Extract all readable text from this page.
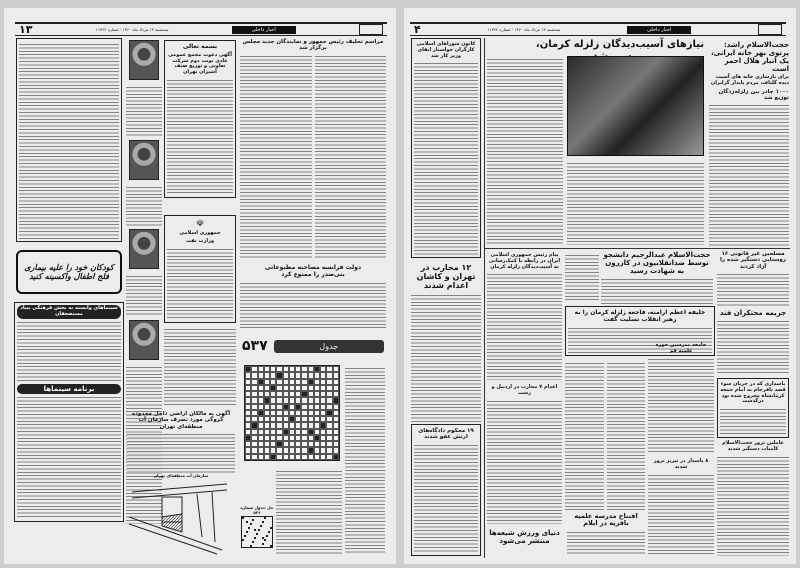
۱۳	سه‌شنبه ۱۳ مرداد ماه ۱۳۶۰ - شماره ۱۱۳۶۲	اخبار داخلی
کودکان خود را علیه بیماری فلج اطفال واکسینه کنید
سینماهای وابسته به بخش فرهنگی بنیاد مستضعفان
برنامه سینماها
بسمه تعالی
آگهی دعوت مجمع عمومی عادی نوبت دوم شرکت تعاونی و توزیع صنف آشپزان تهران
☫
جمهوری اسلامی
وزارت نفت
آگهی به مالکان اراضی داخل محدوده گروگی مورد تصرف سازمان آب منطقه‌ای تهران
سازمان آب منطقه‌ای تهران
مراسم تحلیف رئیس جمهور و نمایندگان جدید مجلس برگزار شد
دولت فرانسه مصاحبه مطبوعاتی بنی‌صدر را ممنوع کرد
۵۳۷	جدول
حل جدول شماره ۵۳۶
۴	سه‌شنبه ۱۳ مرداد ماه ۱۳۶۰ - شماره ۱۱۳۶۲	اخبار داخلی
کانون شوراهای اسلامی کارگران خواستار ابقای وزیر کار شد
۱۲ محارب در تهران و کاشان اعدام شدند
۱۹ محکوم دادگاه‌های ارتش عفو شدند
نیازهای آسیب‌دیدگان زلزله کرمان،	حجت‌الاسلام راشد: پرتوی بهر خانه ایرانی، یک انبار هلال احمر است
برای بازسازی خانه های آسیب دیده گلباف، مردم پایدار گرایران
۱۰۰۰ چادر بین زلزله‌زدگان توزیع شد
پیام رئیس جمهوری اسلامی ایران در رابطه با کمک‌رسانی به آسیب‌دیدگان زلزله کرمان
حجت‌الاسلام عبدالرحیم دانشجو توسط ضدانقلابیون در کازرون به شهادت رسید
مسلحین غیر قانونی ۱۶ روستایی دستگیر شده را آزاد کردند
خلیفه اعظم ارامنه، فاجعه زلزله کرمان را به رهبر انقلاب تسلیت گفت
جریمه محتکران قند
جامعه مدرسین حوزه علمیه قم
پاسداری که در جریان سوء قصد نافرجام به امام جمعه کرمانشاه مجروح شده بود درگذشت
عاملین ترور حجت‌الاسلام کامیاب دستگیر شدند
۸ پاسدار در تبریز ترور شدند
اعدام ۷ محارب در اردبیل و رشت
دنیای ورزش شیعه‌ها منتشر می‌شود
افتتاح مدرسه علمیه باقریه در ایلام
